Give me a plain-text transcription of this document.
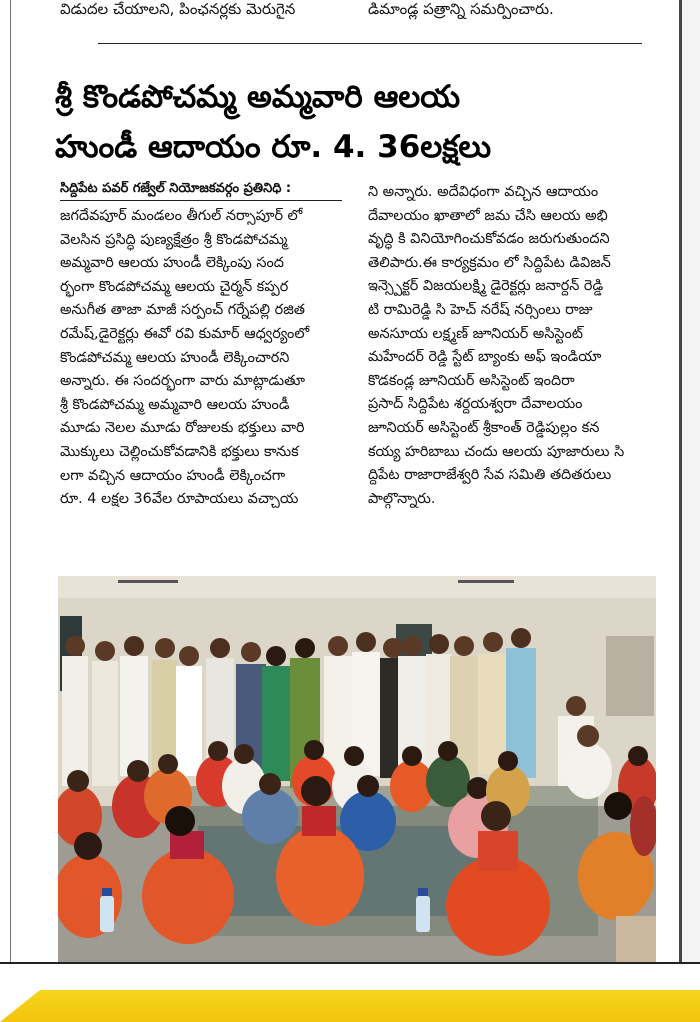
విడుదల చేయాలని, పింఛనర్లకు మెరుగైన	డిమాండ్ల పత్రాన్ని సమర్పించారు.
శ్రీ కొండపోచమ్మ అమ్మవారి ఆలయ
హుండీ ఆదాయం రూ. 4. 36లక్షలు
సిద్దిపేట పవర్ గజ్వేల్ నియోజకవర్గం ప్రతినిధి :
జగదేవపూర్ మండలం తీగుల్ నర్సాపూర్ లో
వెలసిన ప్రసిద్ధి పుణ్యక్షేత్రం శ్రీ కొండపోచమ్మ
అమ్మవారి ఆలయ హుండీ లెక్కింపు సంద
ర్భంగా కొండపోచమ్మ ఆలయ చైర్మన్ కప్పర
అనుగీత తాజా మాజీ సర్పంచ్ గర్నేపల్లి రజిత
రమేష్,డైరెక్టర్లు ఈవో రవి కుమార్ ఆధ్వర్యంలో
కొండపోచమ్మ ఆలయ హుండీ లెక్కించారని
అన్నారు. ఈ సందర్భంగా వారు మాట్లాడుతూ
శ్రీ కొండపోచమ్మ అమ్మవారి ఆలయ హుండీ
మూడు నెలల మూడు రోజులకు భక్తులు వారి
మొక్కులు చెల్లించుకోవడానికి భక్తులు కానుక
లగా వచ్చిన ఆదాయం హుండీ లెక్కించగా
రూ. 4 లక్షల 36వేల రూపాయలు వచ్చాయ
ని అన్నారు. అదేవిధంగా వచ్చిన ఆదాయం
దేవాలయం ఖాతాలో జమ చేసి ఆలయ అభి
వృద్ధి కి వినియోగించుకోవడం జరుగుతుందని
తెలిపారు.ఈ కార్యక్రమం లో సిద్దిపేట డివిజన్
ఇన్స్పెక్టర్ విజయలక్ష్మి డైరెక్టర్లు జనార్దన్ రెడ్డి
టి రామిరెడ్డి సి హెచ్ నరేష్ నర్సింలు రాజు
అనసూయ లక్ష్మణ్ జూనియర్ అసిస్టెంట్
మహేందర్ రెడ్డి స్టేట్ బ్యాంకు అఫ్ ఇండియా
కొడకండ్ల జూనియర్ అసిస్టెంట్ ఇందిరా
ప్రసాద్ సిద్దిపేట శర్దయశ్వరా దేవాలయం
జూనియర్ అసిస్టెంట్ శ్రీకాంత్ రెడ్డిపుల్లం కన
కయ్య హరిబాబు చందు ఆలయ పూజారులు సి
ద్దిపేట రాజారాజేశ్వరి సేవ సమితి తదితరులు
పాల్గొన్నారు.
